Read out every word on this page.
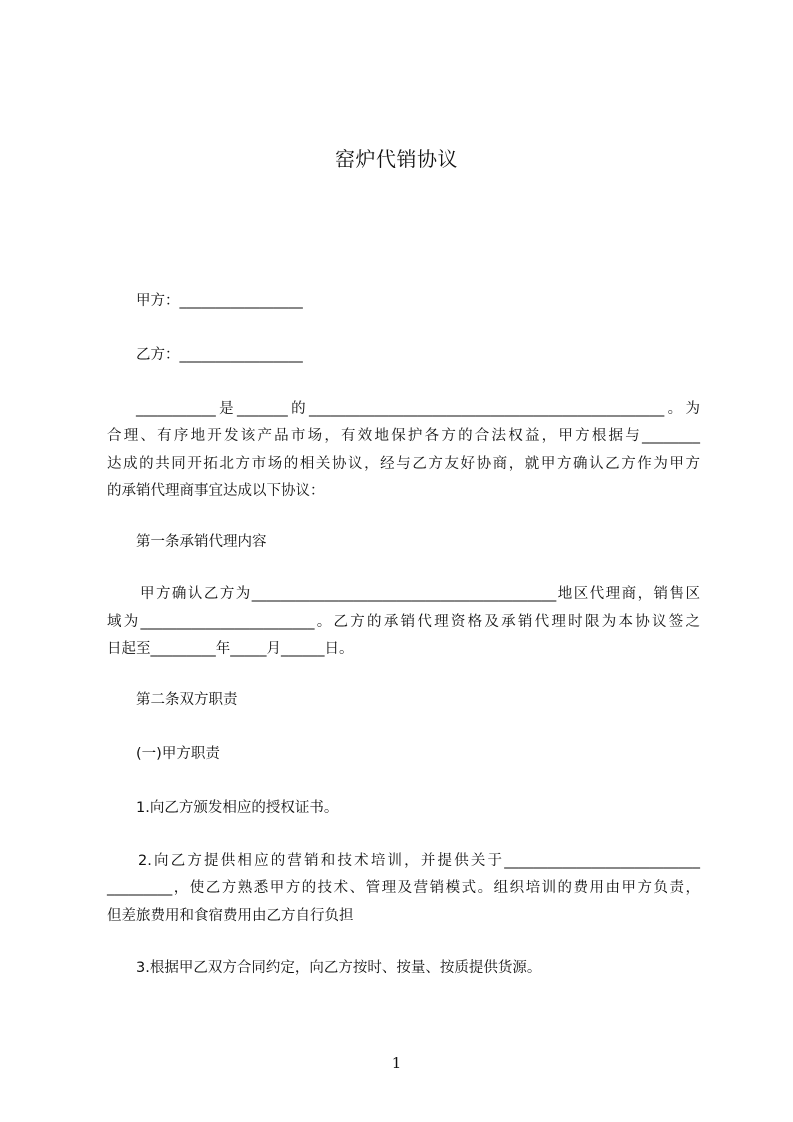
窑炉代销协议
甲方：_________________
乙方：_________________
___________是_______的_________________________________________________。为
合理、有序地开发该产品市场，有效地保护各方的合法权益，甲方根据与________
达成的共同开拓北方市场的相关协议，经与乙方友好协商，就甲方确认乙方作为甲方
的承销代理商事宜达成以下协议：
第一条承销代理内容
甲方确认乙方为__________________________________________地区代理商，销售区
域为________________________。乙方的承销代理资格及承销代理时限为本协议签之
日起至_________年_____月______日。
第二条双方职责
(一)甲方职责
1.向乙方颁发相应的授权证书。
2.向乙方提供相应的营销和技术培训，并提供关于___________________________
_________，使乙方熟悉甲方的技术、管理及营销模式。组织培训的费用由甲方负责，
但差旅费用和食宿费用由乙方自行负担
3.根据甲乙双方合同约定，向乙方按时、按量、按质提供货源。
1
